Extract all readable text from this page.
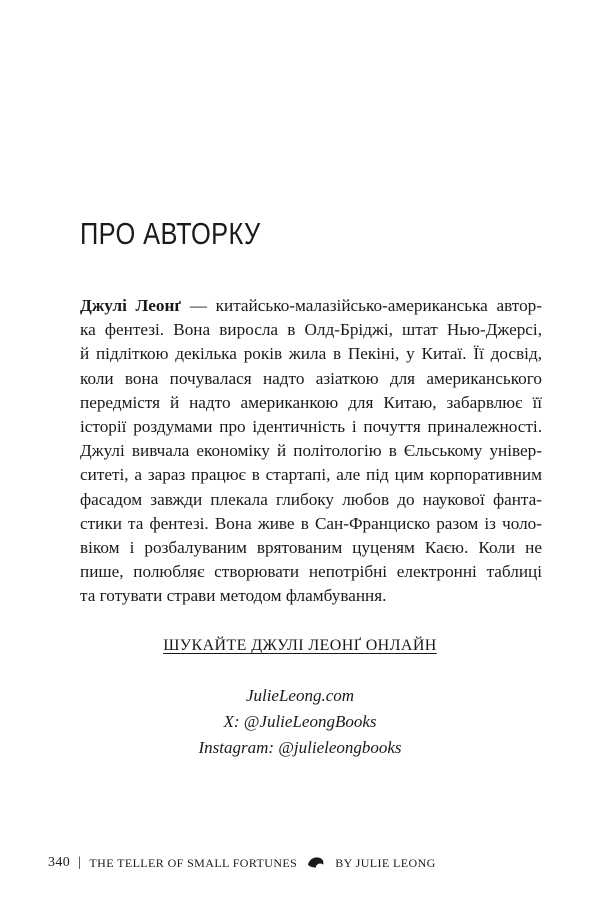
ПРО АВТОРКУ
Джулі Леонґ — китайсько-малазійсько-американська автор-
ка фентезі. Вона виросла в Олд-Бріджі, штат Нью-Джерсі,
й підліткою декілька років жила в Пекіні, у Китаї. Її досвід,
коли вона почувалася надто азіаткою для американського
передмістя й надто американкою для Китаю, забарвлює її
історії роздумами про ідентичність і почуття приналежності.
Джулі вивчала економіку й політологію в Єльському універ-
ситеті, а зараз працює в стартапі, але під цим корпоративним
фасадом завжди плекала глибоку любов до наукової фанта-
стики та фентезі. Вона живе в Сан-Франциско разом із чоло-
віком і розбалуваним врятованим цуценям Каєю. Коли не
пише, полюбляє створювати непотрібні електронні таблиці
та готувати страви методом фламбування.
ШУКАЙТЕ ДЖУЛІ ЛЕОНҐ ОНЛАЙН
JulieLeong.com
X: @JulieLeongBooks
Instagram: @julieleongbooks
340 | THE TELLER OF SMALL FORTUNES	BY JULIE LEONG
